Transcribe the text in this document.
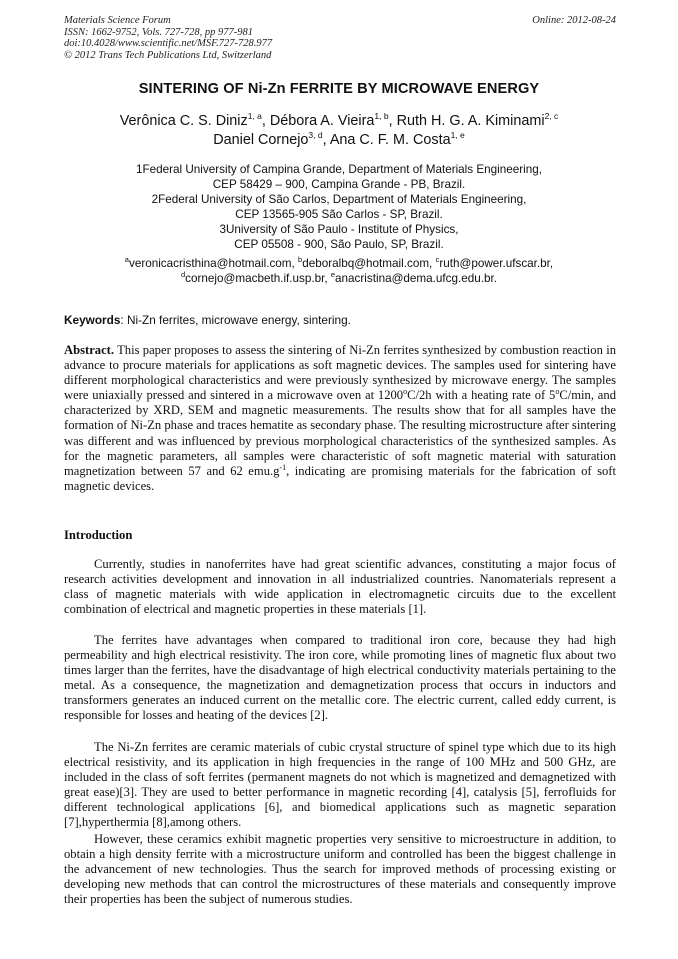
Materials Science Forum
ISSN: 1662-9752, Vols. 727-728, pp 977-981
doi:10.4028/www.scientific.net/MSF.727-728.977
© 2012 Trans Tech Publications Ltd, Switzerland
Online: 2012-08-24
SINTERING OF Ni-Zn FERRITE BY MICROWAVE ENERGY
Verônica C. S. Diniz$^{1, a}$, Débora A. Vieira$^{1, b}$, Ruth H. G. A. Kiminami$^{2, c}$
Daniel Cornejo$^{3, d}$, Ana C. F. M. Costa$^{1, e}$
1Federal University of Campina Grande, Department of Materials Engineering,
CEP 58429 – 900, Campina Grande - PB, Brazil.
2Federal University of São Carlos, Department of Materials Engineering,
CEP 13565-905 São Carlos - SP, Brazil.
3University of São Paulo - Institute of Physics,
CEP 05508 - 900, São Paulo, SP, Brazil.
$^a$veronicacristhina@hotmail.com, $^b$deboralbq@hotmail.com, $^c$ruth@power.ufscar.br,
$^d$cornejo@macbeth.if.usp.br, $^e$anacristina@dema.ufcg.edu.br.
Keywords: Ni-Zn ferrites, microwave energy, sintering.
Abstract. This paper proposes to assess the sintering of Ni-Zn ferrites synthesized by combustion reaction in advance to procure materials for applications as soft magnetic devices. The samples used for sintering have different morphological characteristics and were previously synthesized by microwave energy. The samples were uniaxially pressed and sintered in a microwave oven at 1200$^o$C/2h with a heating rate of 5$^o$C/min, and characterized by XRD, SEM and magnetic measurements. The results show that for all samples have the formation of Ni-Zn phase and traces hematite as secondary phase. The resulting microstructure after sintering was different and was influenced by previous morphological characteristics of the synthesized samples. As for the magnetic parameters, all samples were characteristic of soft magnetic material with saturation magnetization between 57 and 62 $emu.g^{-1}$, indicating are promising materials for the fabrication of soft magnetic devices.
Introduction

Currently, studies in nanoferrites have had great scientific advances, constituting a major focus of research activities development and innovation in all industrialized countries. Nanomaterials represent a class of magnetic materials with wide application in electromagnetic circuits due to the excellent combination of electrical and magnetic properties in these materials [1].

The ferrites have advantages when compared to traditional iron core, because they had high permeability and high electrical resistivity. The iron core, while promoting lines of magnetic flux about two times larger than the ferrites, have the disadvantage of high electrical conductivity materials pertaining to the metal. As a consequence, the magnetization and demagnetization process that occurs in inductors and transformers generates an induced current on the metallic core. The electric current, called eddy current, is responsible for losses and heating of the devices [2].

The Ni-Zn ferrites are ceramic materials of cubic crystal structure of spinel type which due to its high electrical resistivity, and its application in high frequencies in the range of 100 MHz and 500 GHz, are included in the class of soft ferrites (permanent magnets do not which is magnetized and demagnetized with great ease)[3]. They are used to better performance in magnetic recording [4], catalysis [5], ferrofluids for different technological applications [6], and biomedical applications such as magnetic separation [7],hyperthermia [8],among others.

However, these ceramics exhibit magnetic properties very sensitive to microestructure in addition, to obtain a high density ferrite with a microstructure uniform and controlled has been the biggest challenge in the advancement of new technologies. Thus the search for improved methods of processing existing or developing new methods that can control the microstructures of these materials and consequently improve their properties has been the subject of numerous studies.
